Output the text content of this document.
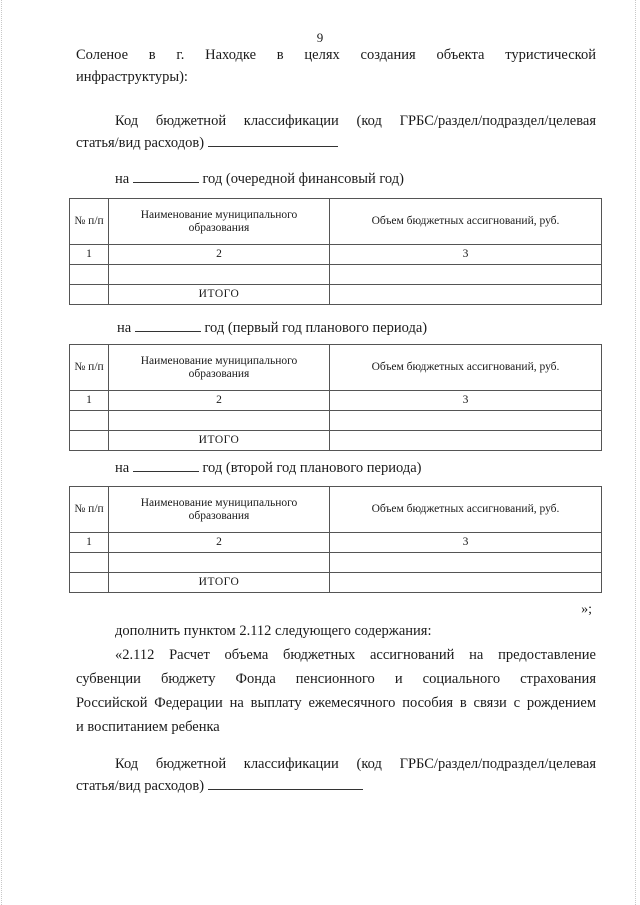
9
Соленое в г. Находке в целях создания объекта туристической
инфраструктуры):
Код бюджетной классификации (код ГРБС/раздел/подраздел/целевая
статья/вид расходов)
на	год (очередной финансовый год)
№ п/п	Наименование муниципального образования	Объем бюджетных ассигнований, руб.
1	2	3

	ИТОГО	
на	год (первый год планового периода)
№ п/п	Наименование муниципального образования	Объем бюджетных ассигнований, руб.
1	2	3

	ИТОГО	
на	год (второй год планового периода)
№ п/п	Наименование муниципального образования	Объем бюджетных ассигнований, руб.
1	2	3

	ИТОГО	
»;
дополнить пунктом 2.112 следующего содержания:
«2.112 Расчет объема бюджетных ассигнований на предоставление
субвенции бюджету Фонда пенсионного и социального страхования
Российской Федерации на выплату ежемесячного пособия в связи с рождением
и воспитанием ребенка
Код бюджетной классификации (код ГРБС/раздел/подраздел/целевая
статья/вид расходов)
